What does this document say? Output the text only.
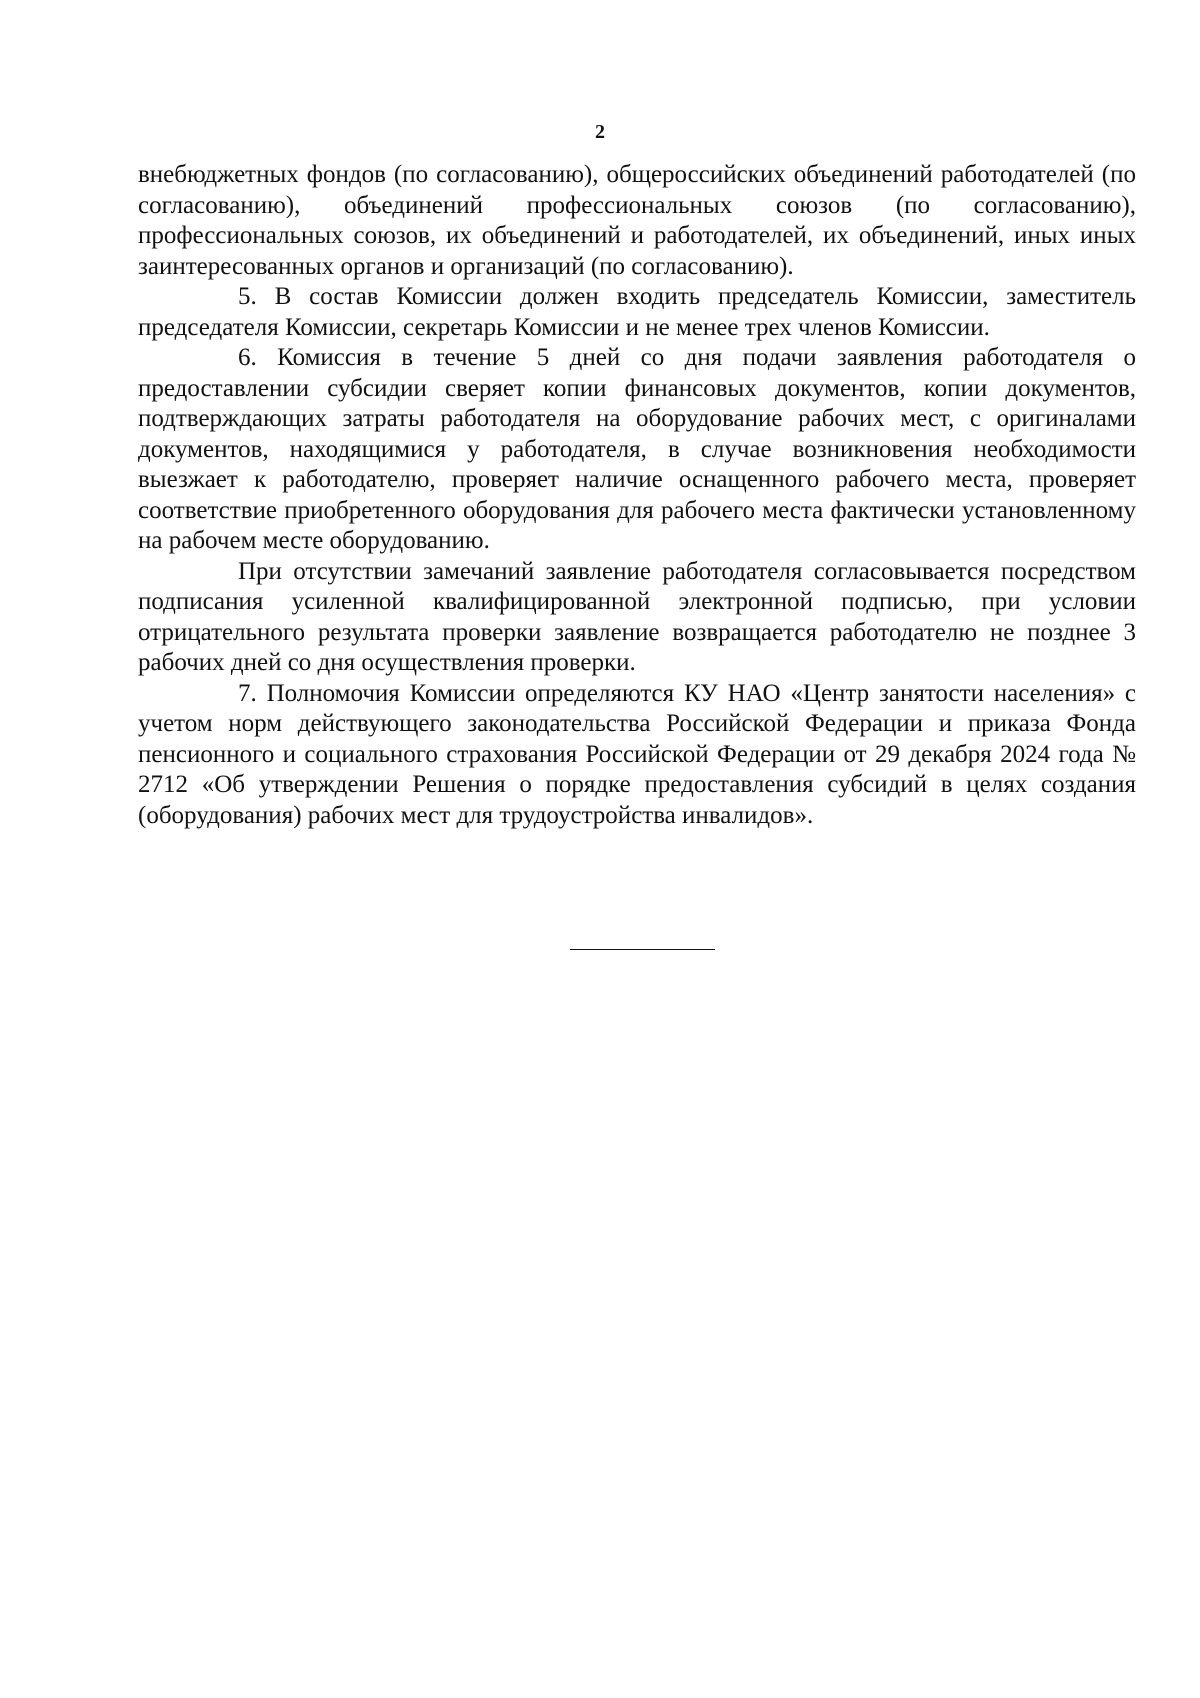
2

внебюджетных фондов (по согласованию), общероссийских объединений работодателей (по согласованию), объединений профессиональных союзов (по согласованию), профессиональных союзов, их объединений и работодателей, их объединений, иных иных заинтересованных органов и организаций (по согласованию).

5. В состав Комиссии должен входить председатель Комиссии, заместитель председателя Комиссии, секретарь Комиссии и не менее трех членов Комиссии.

6. Комиссия в течение 5 дней со дня подачи заявления работодателя о предоставлении субсидии сверяет копии финансовых документов, копии документов, подтверждающих затраты работодателя на оборудование рабочих мест, с оригиналами документов, находящимися у работодателя, в случае возникновения необходимости выезжает к работодателю, проверяет наличие оснащенного рабочего места, проверяет соответствие приобретенного оборудования для рабочего места фактически установленному на рабочем месте оборудованию.

При отсутствии замечаний заявление работодателя согласовывается посредством подписания усиленной квалифицированной электронной подписью, при условии отрицательного результата проверки заявление возвращается работодателю не позднее 3 рабочих дней со дня осуществления проверки.

7. Полномочия Комиссии определяются КУ НАО «Центр занятости населения» с учетом норм действующего законодательства Российской Федерации и приказа Фонда пенсионного и социального страхования Российской Федерации от 29 декабря 2024 года № 2712 «Об утверждении Решения о порядке предоставления субсидий в целях создания (оборудования) рабочих мест для трудоустройства инвалидов».
